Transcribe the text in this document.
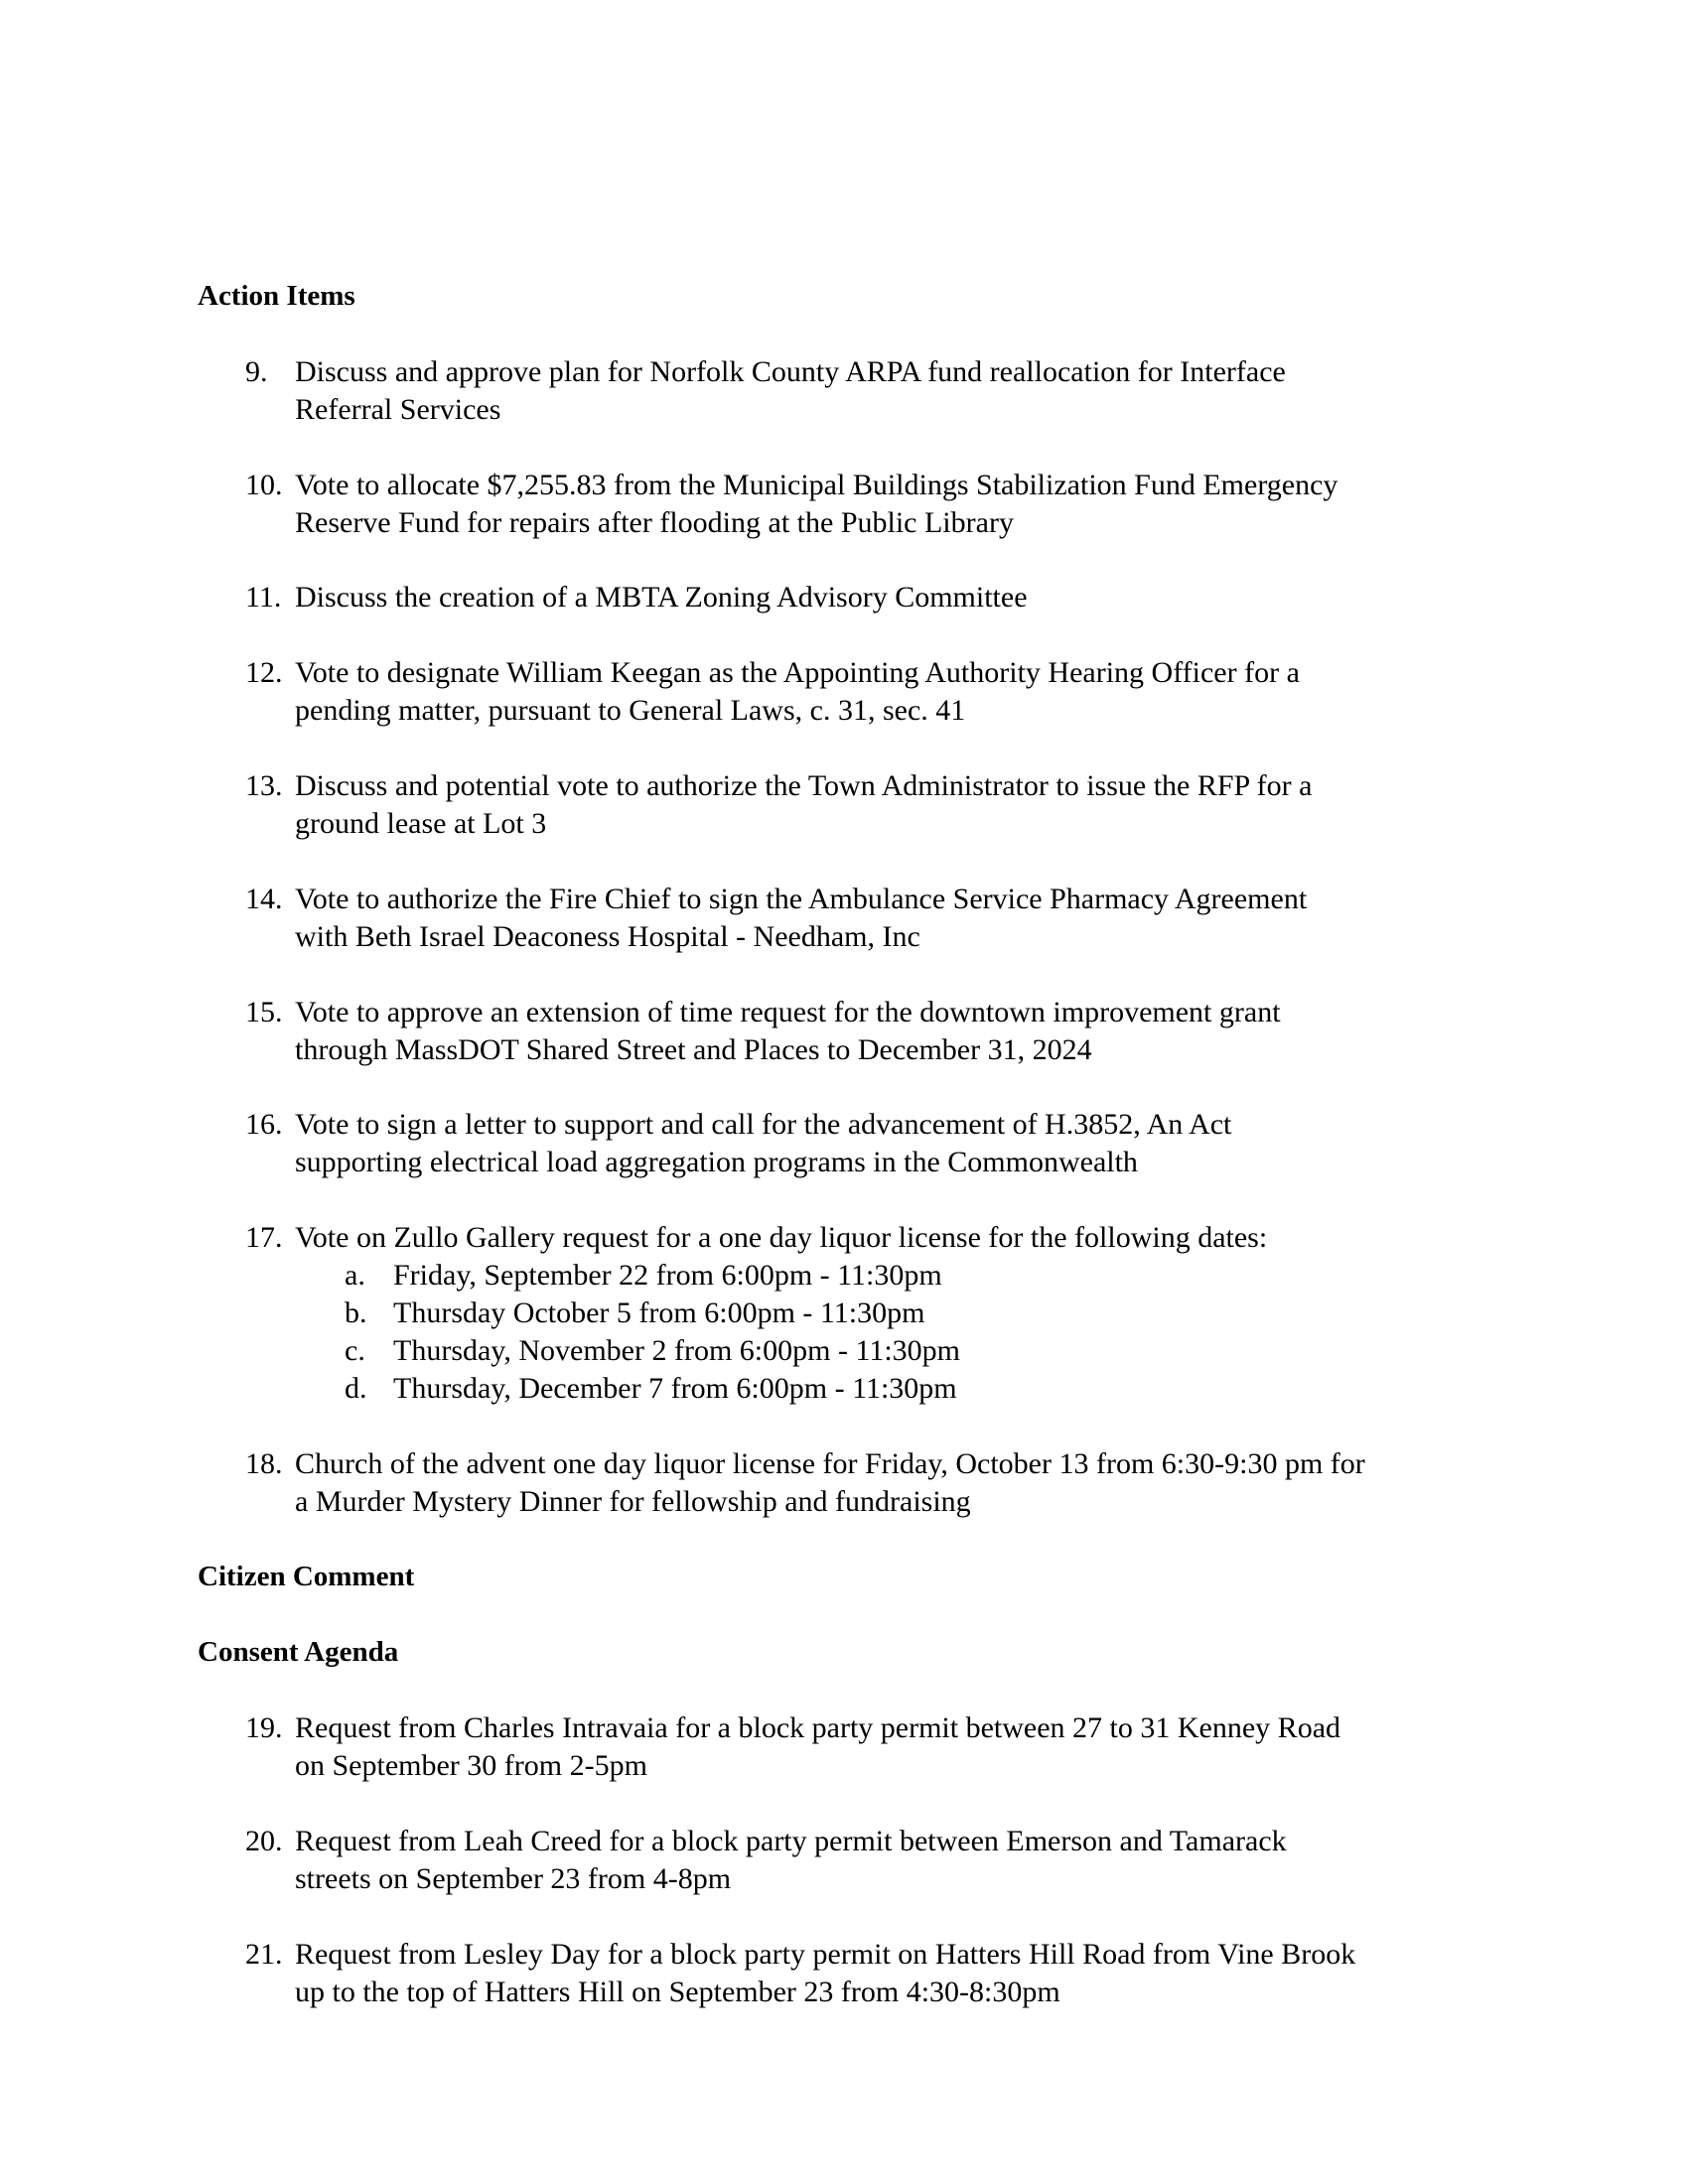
Action Items
9. Discuss and approve plan for Norfolk County ARPA fund reallocation for Interface
Referral Services
10. Vote to allocate $7,255.83 from the Municipal Buildings Stabilization Fund Emergency
Reserve Fund for repairs after flooding at the Public Library
11. Discuss the creation of a MBTA Zoning Advisory Committee
12. Vote to designate William Keegan as the Appointing Authority Hearing Officer for a
pending matter, pursuant to General Laws, c. 31, sec. 41
13. Discuss and potential vote to authorize the Town Administrator to issue the RFP for a
ground lease at Lot 3
14. Vote to authorize the Fire Chief to sign the Ambulance Service Pharmacy Agreement
with Beth Israel Deaconess Hospital - Needham, Inc
15. Vote to approve an extension of time request for the downtown improvement grant
through MassDOT Shared Street and Places to December 31, 2024
16. Vote to sign a letter to support and call for the advancement of H.3852, An Act
supporting electrical load aggregation programs in the Commonwealth
17. Vote on Zullo Gallery request for a one day liquor license for the following dates:
a. Friday, September 22 from 6:00pm - 11:30pm
b. Thursday October 5 from 6:00pm - 11:30pm
c. Thursday, November 2 from 6:00pm - 11:30pm
d. Thursday, December 7 from 6:00pm - 11:30pm
18. Church of the advent one day liquor license for Friday, October 13 from 6:30-9:30 pm for
a Murder Mystery Dinner for fellowship and fundraising
Citizen Comment
Consent Agenda
19. Request from Charles Intravaia for a block party permit between 27 to 31 Kenney Road
on September 30 from 2-5pm
20. Request from Leah Creed for a block party permit between Emerson and Tamarack
streets on September 23 from 4-8pm
21. Request from Lesley Day for a block party permit on Hatters Hill Road from Vine Brook
up to the top of Hatters Hill on September 23 from 4:30-8:30pm
